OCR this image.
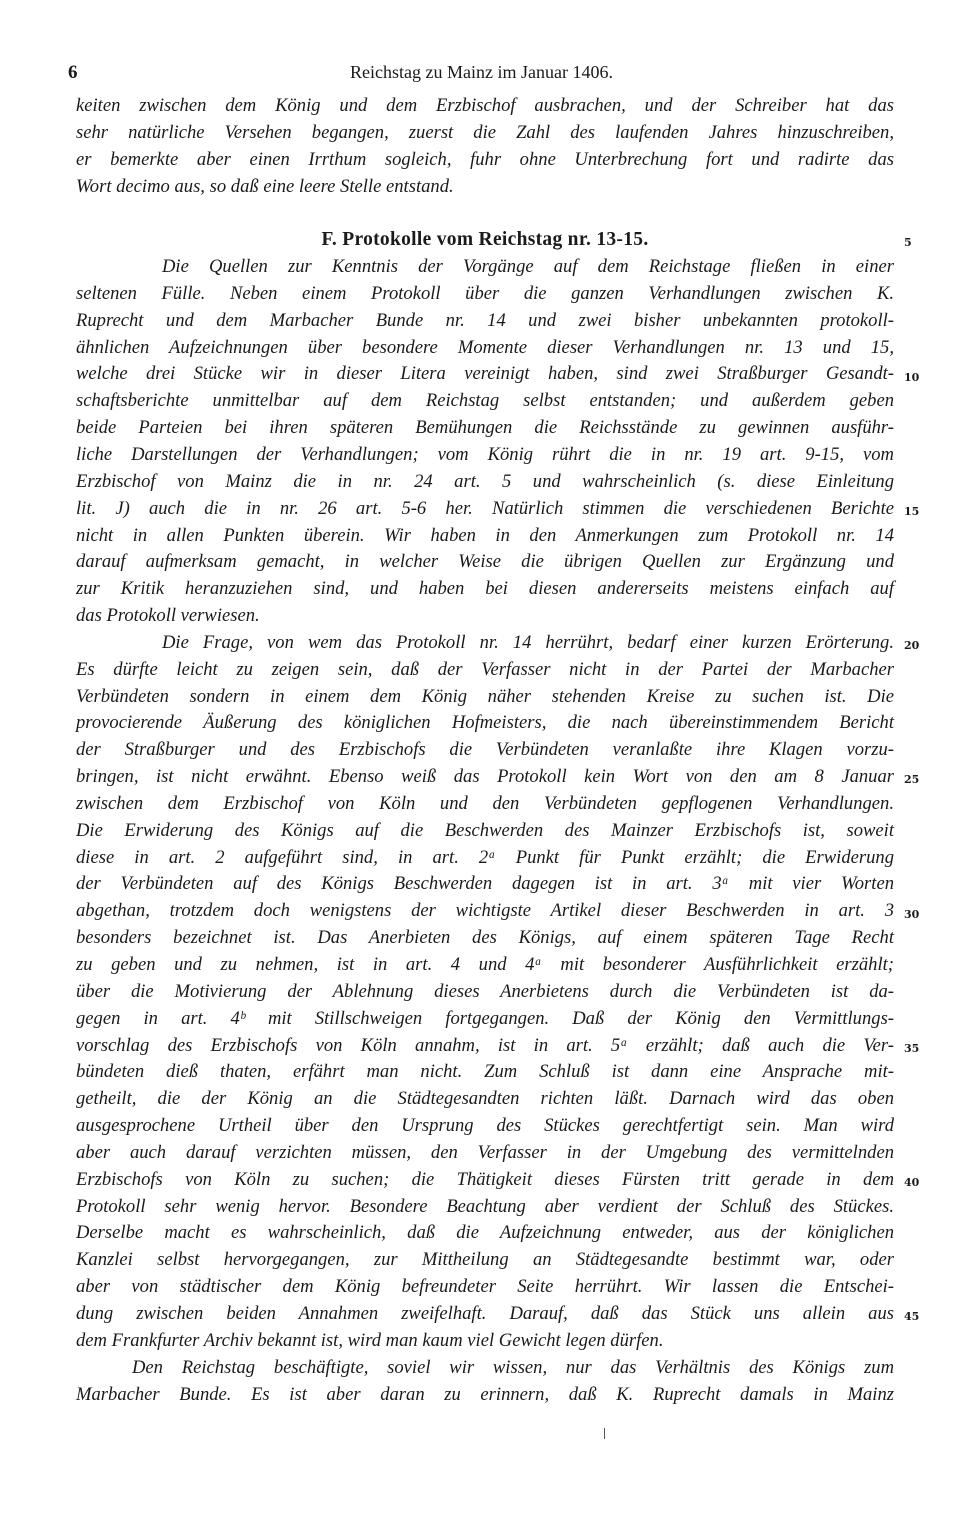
6	Reichstag zu Mainz im Januar 1406.
keiten zwischen dem König und dem Erzbischof ausbrachen, und der Schreiber hat das
sehr natürliche Versehen begangen, zuerst die Zahl des laufenden Jahres hinzuschreiben,
er bemerkte aber einen Irrthum sogleich, fuhr ohne Unterbrechung fort und radirte das
Wort decimo aus, so daß eine leere Stelle entstand.
F. Protokolle vom Reichstag nr. 13-15.
Die Quellen zur Kenntnis der Vorgänge auf dem Reichstage fließen in einer
seltenen Fülle. Neben einem Protokoll über die ganzen Verhandlungen zwischen K.
Ruprecht und dem Marbacher Bunde nr. 14 und zwei bisher unbekannten protokoll-
ähnlichen Aufzeichnungen über besondere Momente dieser Verhandlungen nr. 13 und 15,
welche drei Stücke wir in dieser Litera vereinigt haben, sind zwei Straßburger Gesandt-
schaftsberichte unmittelbar auf dem Reichstag selbst entstanden; und außerdem geben
beide Parteien bei ihren späteren Bemühungen die Reichsstände zu gewinnen ausführ-
liche Darstellungen der Verhandlungen; vom König rührt die in nr. 19 art. 9-15, vom
Erzbischof von Mainz die in nr. 24 art. 5 und wahrscheinlich (s. diese Einleitung
lit. J) auch die in nr. 26 art. 5-6 her. Natürlich stimmen die verschiedenen Berichte
nicht in allen Punkten überein. Wir haben in den Anmerkungen zum Protokoll nr. 14
darauf aufmerksam gemacht, in welcher Weise die übrigen Quellen zur Ergänzung und
zur Kritik heranzuziehen sind, und haben bei diesen andererseits meistens einfach auf
das Protokoll verwiesen.
Die Frage, von wem das Protokoll nr. 14 herrührt, bedarf einer kurzen Erörterung.
Es dürfte leicht zu zeigen sein, daß der Verfasser nicht in der Partei der Marbacher
Verbündeten sondern in einem dem König näher stehenden Kreise zu suchen ist. Die
provocierende Äußerung des königlichen Hofmeisters, die nach übereinstimmendem Bericht
der Straßburger und des Erzbischofs die Verbündeten veranlaßte ihre Klagen vorzu-
bringen, ist nicht erwähnt. Ebenso weiß das Protokoll kein Wort von den am 8 Januar
zwischen dem Erzbischof von Köln und den Verbündeten gepflogenen Verhandlungen.
Die Erwiderung des Königs auf die Beschwerden des Mainzer Erzbischofs ist, soweit
diese in art. 2 aufgeführt sind, in art. 2ᵃ Punkt für Punkt erzählt; die Erwiderung
der Verbündeten auf des Königs Beschwerden dagegen ist in art. 3ᵃ mit vier Worten
abgethan, trotzdem doch wenigstens der wichtigste Artikel dieser Beschwerden in art. 3
besonders bezeichnet ist. Das Anerbieten des Königs, auf einem späteren Tage Recht
zu geben und zu nehmen, ist in art. 4 und 4ᵃ mit besonderer Ausführlichkeit erzählt;
über die Motivierung der Ablehnung dieses Anerbietens durch die Verbündeten ist da-
gegen in art. 4ᵇ mit Stillschweigen fortgegangen. Daß der König den Vermittlungs-
vorschlag des Erzbischofs von Köln annahm, ist in art. 5ᵃ erzählt; daß auch die Ver-
bündeten dieß thaten, erfährt man nicht. Zum Schluß ist dann eine Ansprache mit-
getheilt, die der König an die Städtegesandten richten läßt. Darnach wird das oben
ausgesprochene Urtheil über den Ursprung des Stückes gerechtfertigt sein. Man wird
aber auch darauf verzichten müssen, den Verfasser in der Umgebung des vermittelnden
Erzbischofs von Köln zu suchen; die Thätigkeit dieses Fürsten tritt gerade in dem
Protokoll sehr wenig hervor. Besondere Beachtung aber verdient der Schluß des Stückes.
Derselbe macht es wahrscheinlich, daß die Aufzeichnung entweder, aus der königlichen
Kanzlei selbst hervorgegangen, zur Mittheilung an Städtegesandte bestimmt war, oder
aber von städtischer dem König befreundeter Seite herrührt. Wir lassen die Entschei-
dung zwischen beiden Annahmen zweifelhaft. Darauf, daß das Stück uns allein aus
dem Frankfurter Archiv bekannt ist, wird man kaum viel Gewicht legen dürfen.
Den Reichstag beschäftigte, soviel wir wissen, nur das Verhältnis des Königs zum
Marbacher Bunde. Es ist aber daran zu erinnern, daß K. Ruprecht damals in Mainz
5
10
15
20
25
30
35
40
45
